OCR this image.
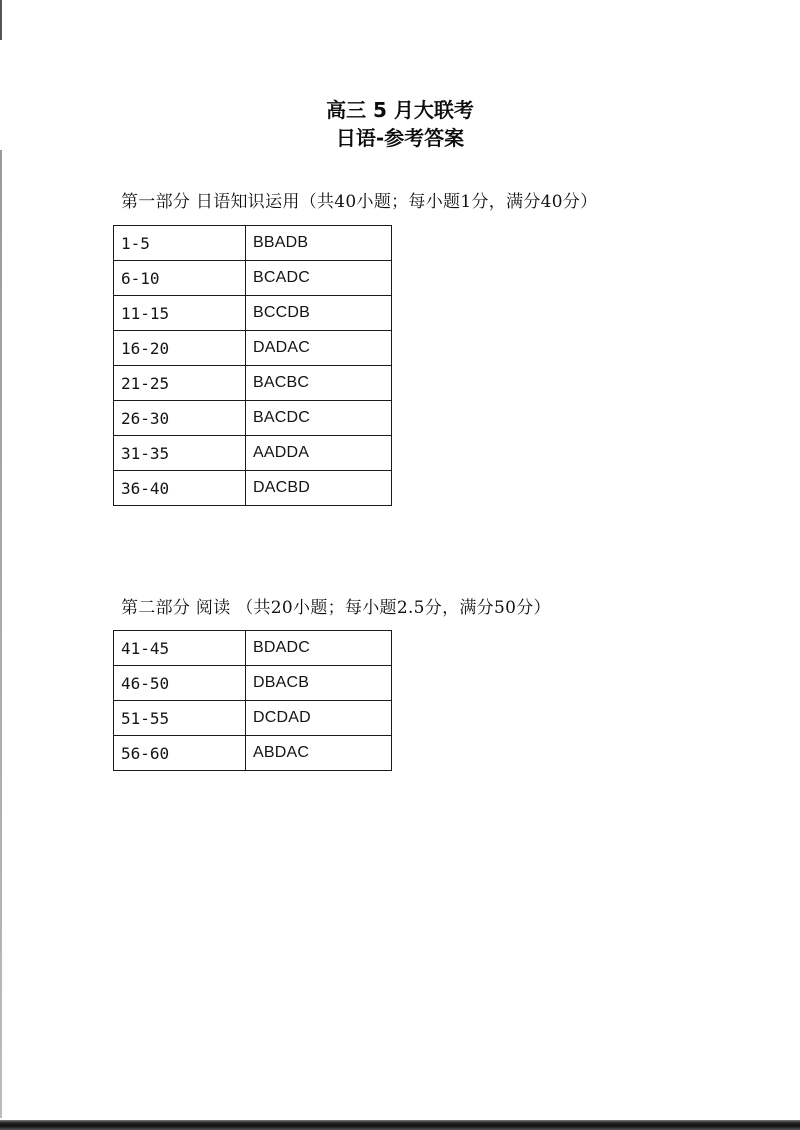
高三 5 月大联考
日语-参考答案
第一部分 日语知识运用（共40小题；每小题1分，满分40分）
1-5	BBADB
6-10	BCADC
11-15	BCCDB
16-20	DADAC
21-25	BACBC
26-30	BACDC
31-35	AADDA
36-40	DACBD
第二部分 阅读 （共20小题；每小题2.5分，满分50分）
41-45	BDADC
46-50	DBACB
51-55	DCDAD
56-60	ABDAC
